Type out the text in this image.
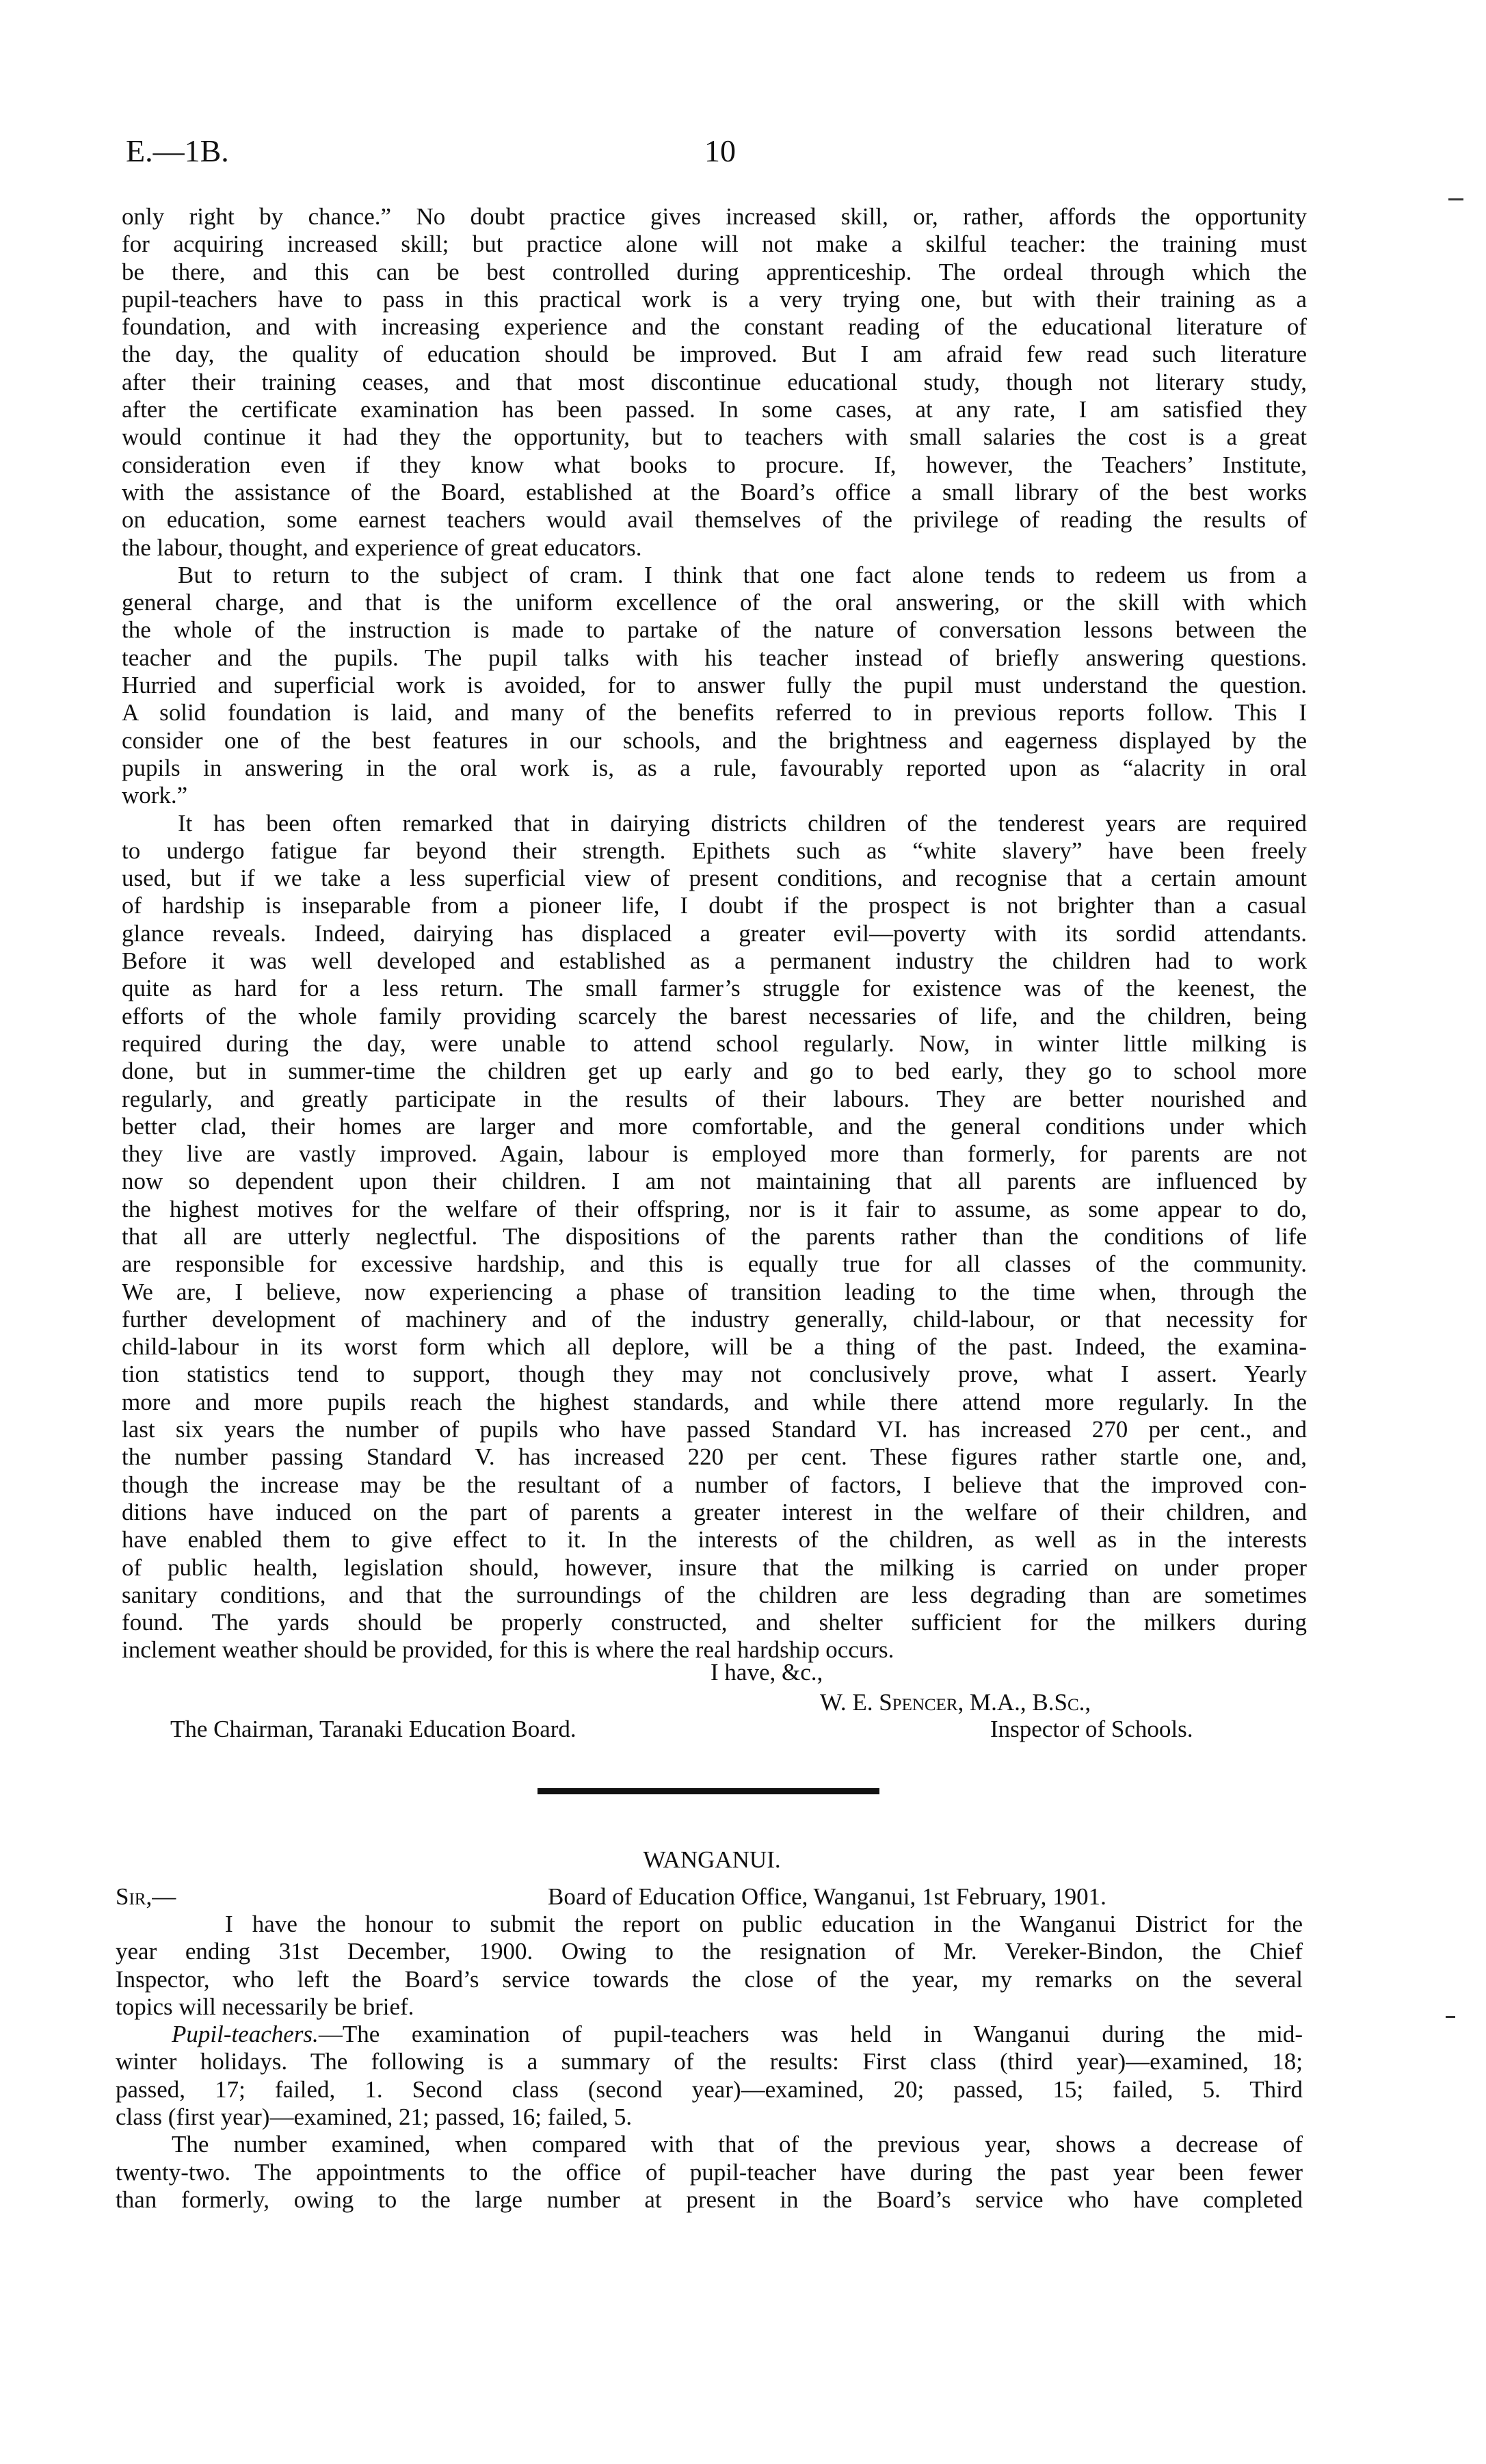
E.—1B.	10
only right by chance.” No doubt practice gives increased skill, or, rather, affords the opportunity
for acquiring increased skill; but practice alone will not make a skilful teacher: the training must
be there, and this can be best controlled during apprenticeship. The ordeal through which the
pupil-teachers have to pass in this practical work is a very trying one, but with their training as a
foundation, and with increasing experience and the constant reading of the educational literature of
the day, the quality of education should be improved. But I am afraid few read such literature
after their training ceases, and that most discontinue educational study, though not literary study,
after the certificate examination has been passed. In some cases, at any rate, I am satisfied they
would continue it had they the opportunity, but to teachers with small salaries the cost is a great
consideration even if they know what books to procure. If, however, the Teachers’ Institute,
with the assistance of the Board, established at the Board’s office a small library of the best works
on education, some earnest teachers would avail themselves of the privilege of reading the results of
the labour, thought, and experience of great educators.
But to return to the subject of cram. I think that one fact alone tends to redeem us from a
general charge, and that is the uniform excellence of the oral answering, or the skill with which
the whole of the instruction is made to partake of the nature of conversation lessons between the
teacher and the pupils. The pupil talks with his teacher instead of briefly answering questions.
Hurried and superficial work is avoided, for to answer fully the pupil must understand the question.
A solid foundation is laid, and many of the benefits referred to in previous reports follow. This I
consider one of the best features in our schools, and the brightness and eagerness displayed by the
pupils in answering in the oral work is, as a rule, favourably reported upon as “alacrity in oral
work.”
It has been often remarked that in dairying districts children of the tenderest years are required
to undergo fatigue far beyond their strength. Epithets such as “white slavery” have been freely
used, but if we take a less superficial view of present conditions, and recognise that a certain amount
of hardship is inseparable from a pioneer life, I doubt if the prospect is not brighter than a casual
glance reveals. Indeed, dairying has displaced a greater evil—poverty with its sordid attendants.
Before it was well developed and established as a permanent industry the children had to work
quite as hard for a less return. The small farmer’s struggle for existence was of the keenest, the
efforts of the whole family providing scarcely the barest necessaries of life, and the children, being
required during the day, were unable to attend school regularly. Now, in winter little milking is
done, but in summer-time the children get up early and go to bed early, they go to school more
regularly, and greatly participate in the results of their labours. They are better nourished and
better clad, their homes are larger and more comfortable, and the general conditions under which
they live are vastly improved. Again, labour is employed more than formerly, for parents are not
now so dependent upon their children. I am not maintaining that all parents are influenced by
the highest motives for the welfare of their offspring, nor is it fair to assume, as some appear to do,
that all are utterly neglectful. The dispositions of the parents rather than the conditions of life
are responsible for excessive hardship, and this is equally true for all classes of the community.
We are, I believe, now experiencing a phase of transition leading to the time when, through the
further development of machinery and of the industry generally, child-labour, or that necessity for
child-labour in its worst form which all deplore, will be a thing of the past. Indeed, the examina-
tion statistics tend to support, though they may not conclusively prove, what I assert. Yearly
more and more pupils reach the highest standards, and while there attend more regularly. In the
last six years the number of pupils who have passed Standard VI. has increased 270 per cent., and
the number passing Standard V. has increased 220 per cent. These figures rather startle one, and,
though the increase may be the resultant of a number of factors, I believe that the improved con-
ditions have induced on the part of parents a greater interest in the welfare of their children, and
have enabled them to give effect to it. In the interests of the children, as well as in the interests
of public health, legislation should, however, insure that the milking is carried on under proper
sanitary conditions, and that the surroundings of the children are less degrading than are sometimes
found. The yards should be properly constructed, and shelter sufficient for the milkers during
inclement weather should be provided, for this is where the real hardship occurs.
I have, &c.,
W. E. Spencer, M.A., B.Sc.,
The Chairman, Taranaki Education Board.	Inspector of Schools.
WANGANUI.
Sir,—	Board of Education Office, Wanganui, 1st February, 1901.
I have the honour to submit the report on public education in the Wanganui District for the
year ending 31st December, 1900. Owing to the resignation of Mr. Vereker-Bindon, the Chief
Inspector, who left the Board’s service towards the close of the year, my remarks on the several
topics will necessarily be brief.
Pupil-teachers.—The examination of pupil-teachers was held in Wanganui during the mid-
winter holidays. The following is a summary of the results: First class (third year)—examined, 18;
passed, 17; failed, 1. Second class (second year)—examined, 20; passed, 15; failed, 5. Third
class (first year)—examined, 21; passed, 16; failed, 5.
The number examined, when compared with that of the previous year, shows a decrease of
twenty-two. The appointments to the office of pupil-teacher have during the past year been fewer
than formerly, owing to the large number at present in the Board’s service who have completed
